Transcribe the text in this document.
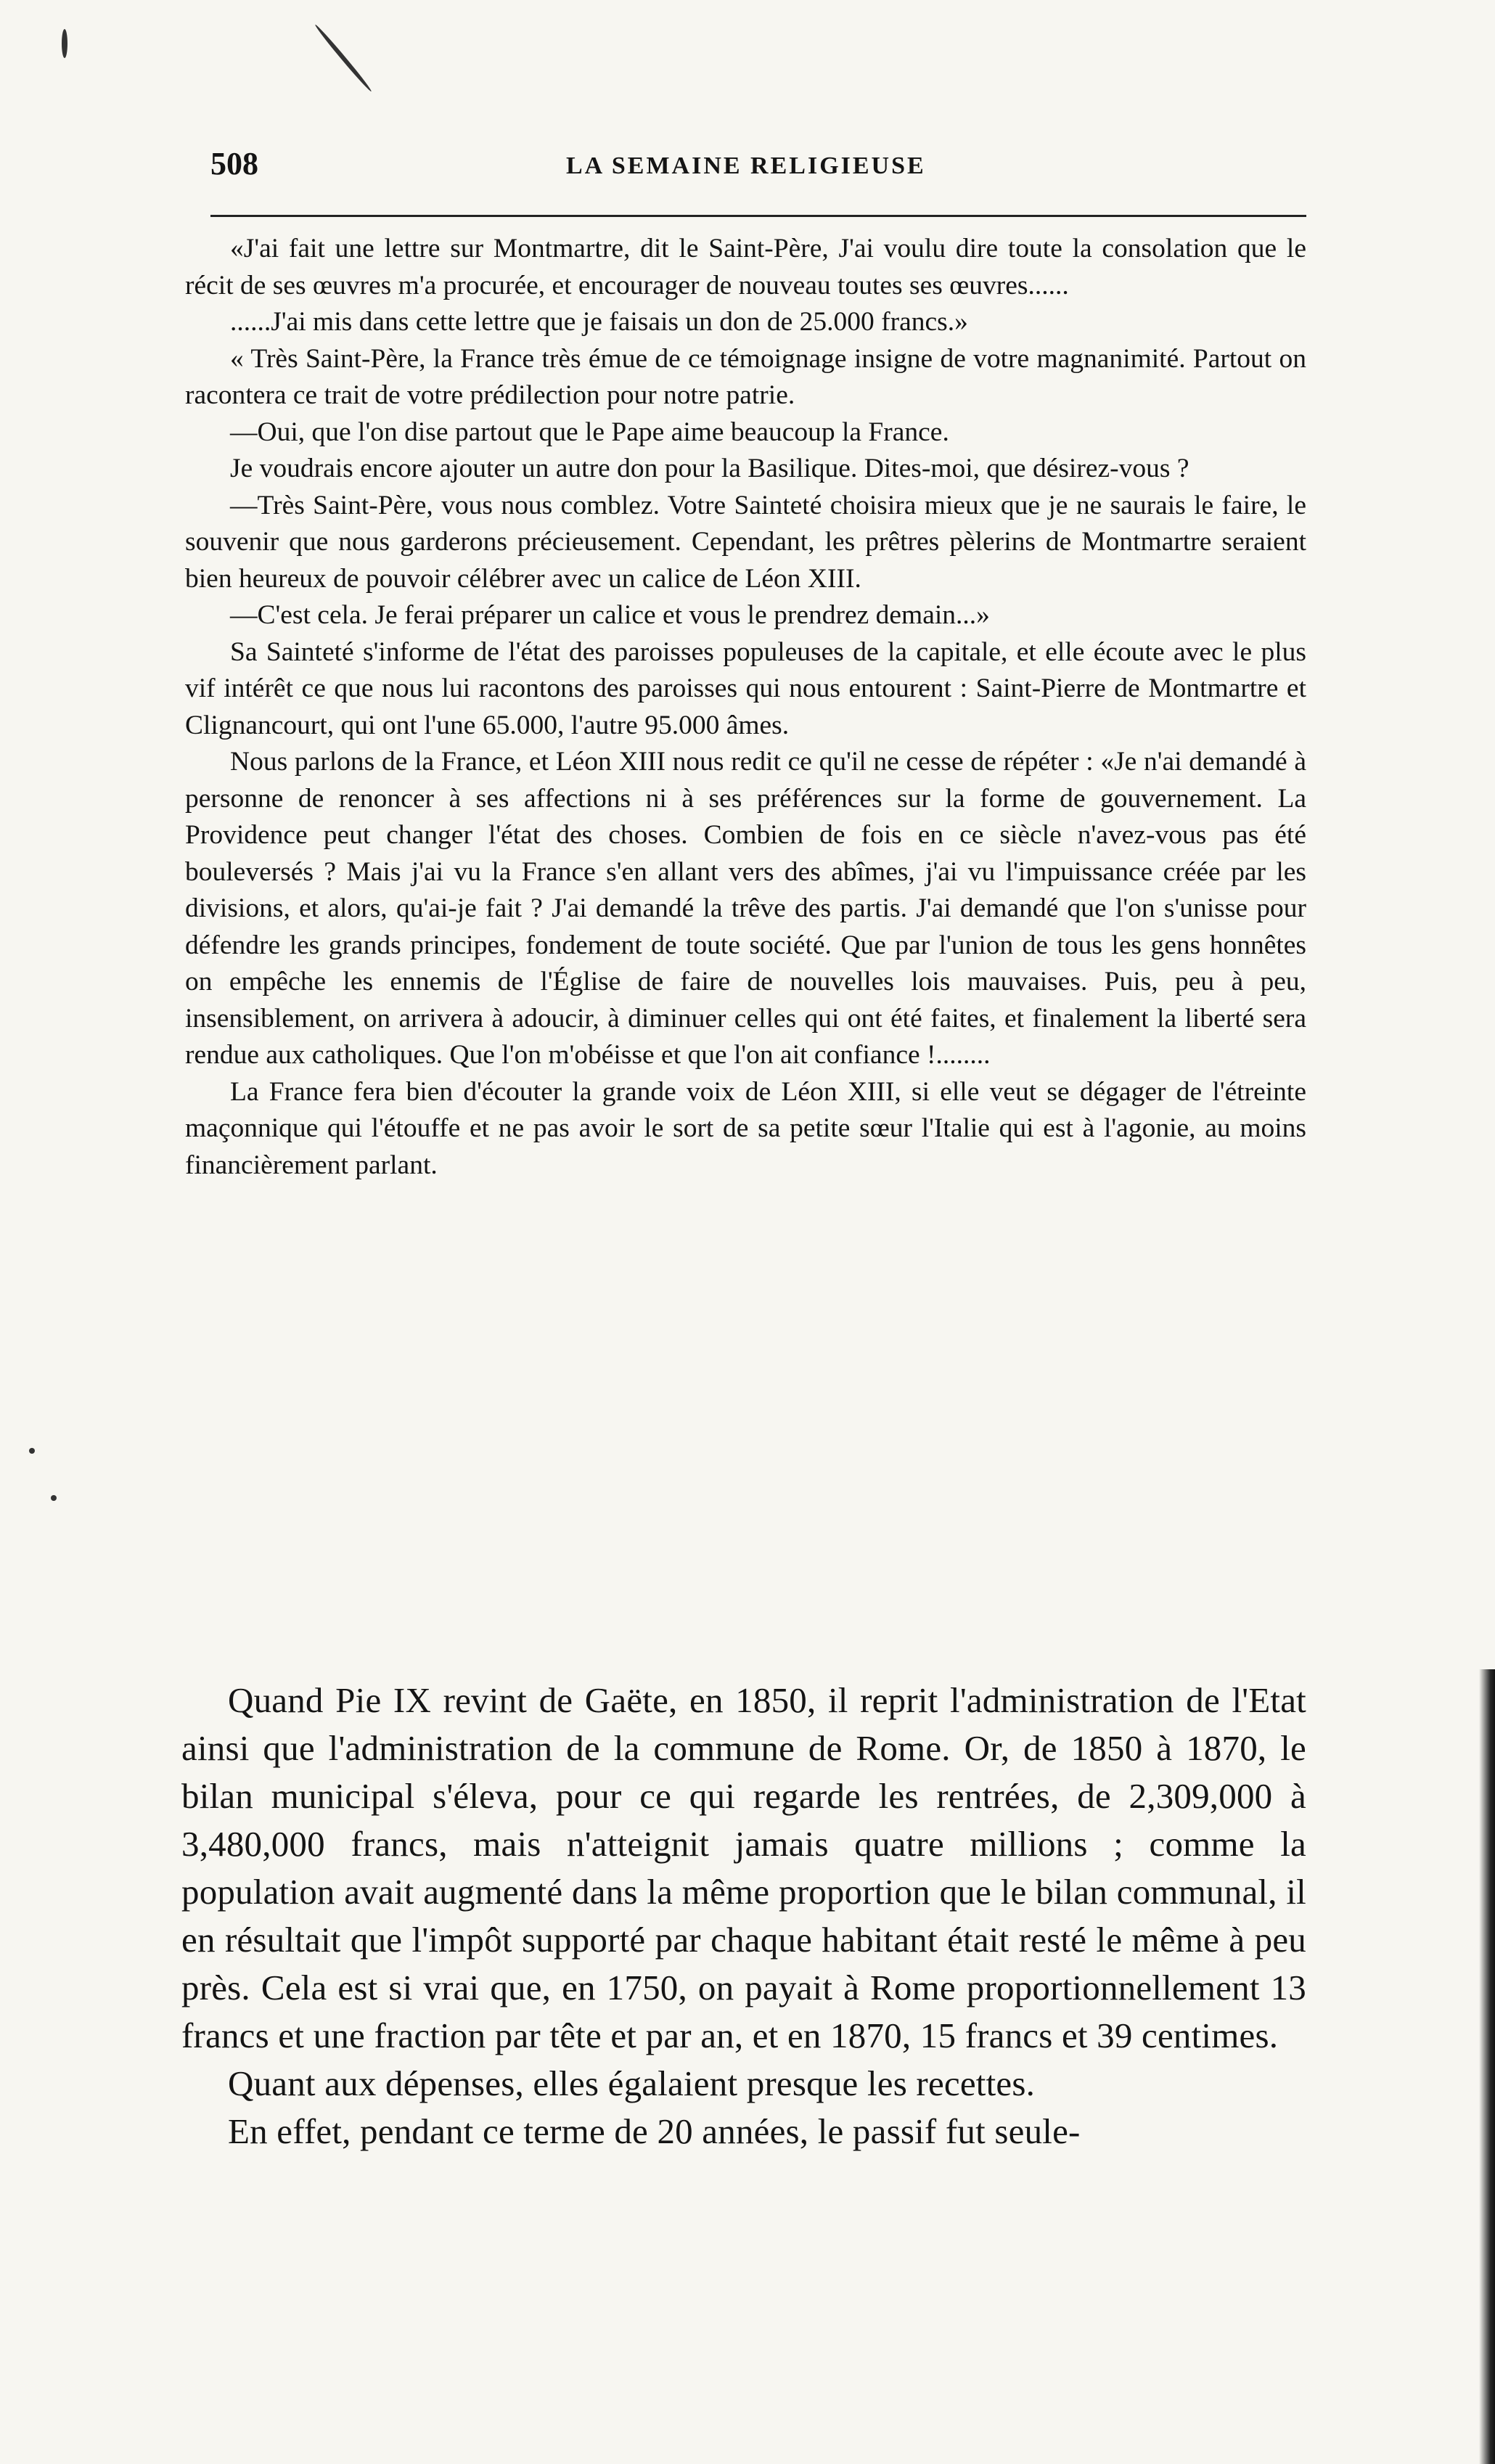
508	LA SEMAINE RELIGIEUSE

«J'ai fait une lettre sur Montmartre, dit le Saint-Père, J'ai voulu dire toute la consolation que le récit de ses œuvres m'a procurée, et encourager de nouveau toutes ses œuvres......

......J'ai mis dans cette lettre que je faisais un don de 25.000 francs.»

« Très Saint-Père, la France très émue de ce témoignage insigne de votre magnanimité. Partout on racontera ce trait de votre prédilection pour notre patrie.

—Oui, que l'on dise partout que le Pape aime beaucoup la France.

Je voudrais encore ajouter un autre don pour la Basilique. Dites-moi, que désirez-vous ?

—Très Saint-Père, vous nous comblez. Votre Sainteté choisira mieux que je ne saurais le faire, le souvenir que nous garderons précieusement. Cependant, les prêtres pèlerins de Montmartre seraient bien heureux de pouvoir célébrer avec un calice de Léon XIII.

—C'est cela. Je ferai préparer un calice et vous le prendrez demain...»

Sa Sainteté s'informe de l'état des paroisses populeuses de la capitale, et elle écoute avec le plus vif intérêt ce que nous lui racontons des paroisses qui nous entourent : Saint-Pierre de Montmartre et Clignancourt, qui ont l'une 65.000, l'autre 95.000 âmes.

Nous parlons de la France, et Léon XIII nous redit ce qu'il ne cesse de répéter : «Je n'ai demandé à personne de renoncer à ses affections ni à ses préférences sur la forme de gouvernement. La Providence peut changer l'état des choses. Combien de fois en ce siècle n'avez-vous pas été bouleversés ? Mais j'ai vu la France s'en allant vers des abîmes, j'ai vu l'impuissance créée par les divisions, et alors, qu'ai-je fait ? J'ai demandé la trêve des partis. J'ai demandé que l'on s'unisse pour défendre les grands principes, fondement de toute société. Que par l'union de tous les gens honnêtes on empêche les ennemis de l'Église de faire de nouvelles lois mauvaises. Puis, peu à peu, insensiblement, on arrivera à adoucir, à diminuer celles qui ont été faites, et finalement la liberté sera rendue aux catholiques. Que l'on m'obéisse et que l'on ait confiance !........

La France fera bien d'écouter la grande voix de Léon XIII, si elle veut se dégager de l'étreinte maçonnique qui l'étouffe et ne pas avoir le sort de sa petite sœur l'Italie qui est à l'agonie, au moins financièrement parlant.

Quand Pie IX revint de Gaëte, en 1850, il reprit l'administration de l'Etat ainsi que l'administration de la commune de Rome. Or, de 1850 à 1870, le bilan municipal s'éleva, pour ce qui regarde les rentrées, de 2,309,000 à 3,480,000 francs, mais n'atteignit jamais quatre millions ; comme la population avait augmenté dans la même proportion que le bilan communal, il en résultait que l'impôt supporté par chaque habitant était resté le même à peu près. Cela est si vrai que, en 1750, on payait à Rome proportionnellement 13 francs et une fraction par tête et par an, et en 1870, 15 francs et 39 centimes.

Quant aux dépenses, elles égalaient presque les recettes.

En effet, pendant ce terme de 20 années, le passif fut seule-
